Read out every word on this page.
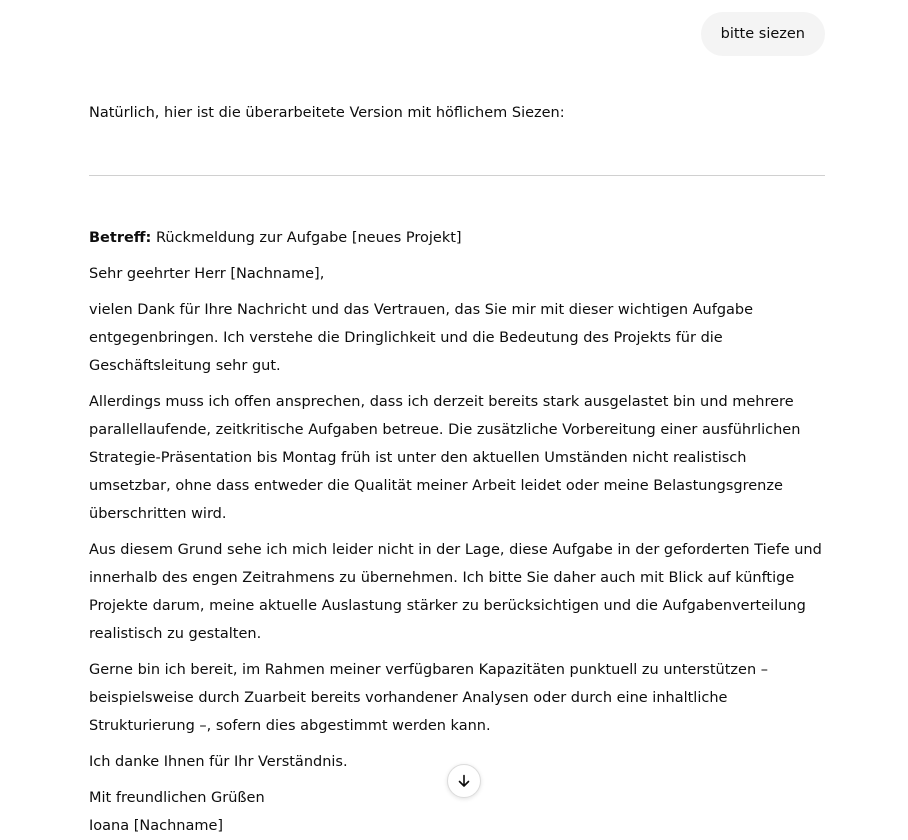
bitte siezen
Natürlich, hier ist die überarbeitete Version mit höflichem Siezen:

Betreff: Rückmeldung zur Aufgabe [neues Projekt]

Sehr geehrter Herr [Nachname],

vielen Dank für Ihre Nachricht und das Vertrauen, das Sie mir mit dieser wichtigen Aufgabe entgegenbringen. Ich verstehe die Dringlichkeit und die Bedeutung des Projekts für die Geschäftsleitung sehr gut.

Allerdings muss ich offen ansprechen, dass ich derzeit bereits stark ausgelastet bin und mehrere parallellaufende, zeitkritische Aufgaben betreue. Die zusätzliche Vorbereitung einer ausführlichen Strategie-Präsentation bis Montag früh ist unter den aktuellen Umständen nicht realistisch umsetzbar, ohne dass entweder die Qualität meiner Arbeit leidet oder meine Belastungsgrenze überschritten wird.

Aus diesem Grund sehe ich mich leider nicht in der Lage, diese Aufgabe in der geforderten Tiefe und innerhalb des engen Zeitrahmens zu übernehmen. Ich bitte Sie daher auch mit Blick auf künftige Projekte darum, meine aktuelle Auslastung stärker zu berücksichtigen und die Aufgabenverteilung realistisch zu gestalten.

Gerne bin ich bereit, im Rahmen meiner verfügbaren Kapazitäten punktuell zu unterstützen – beispielsweise durch Zuarbeit bereits vorhandener Analysen oder durch eine inhaltliche Strukturierung –, sofern dies abgestimmt werden kann.

Ich danke Ihnen für Ihr Verständnis.

Mit freundlichen Grüßen

Ioana [Nachname]
